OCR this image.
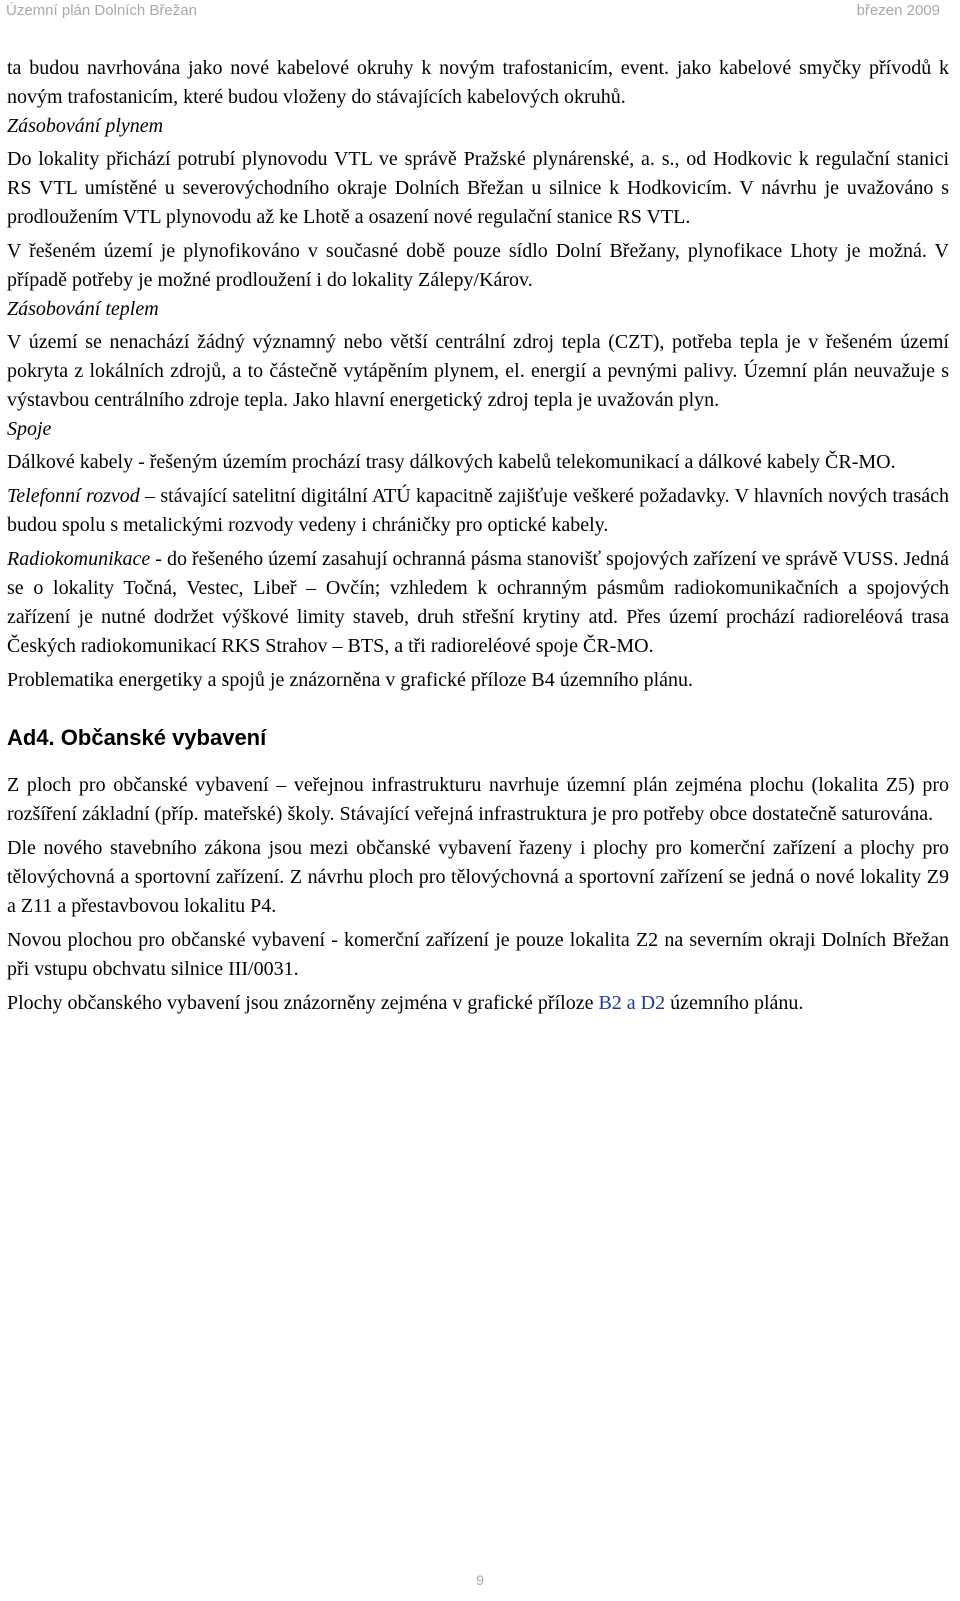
Územní plán Dolních Břežan	březen 2009

ta budou navrhována jako nové kabelové okruhy k novým trafostanicím, event. jako kabelové smyčky přívodů k novým trafostanicím, které budou vloženy do stávajících kabelových okruhů.

Zásobování plynem

Do lokality přichází potrubí plynovodu VTL ve správě Pražské plynárenské, a. s., od Hodkovic k regulační stanici RS VTL umístěné u severovýchodního okraje Dolních Břežan u silnice k Hodkovicím. V návrhu je uvažováno s prodloužením VTL plynovodu až ke Lhotě a osazení nové regulační stanice RS VTL.

V řešeném území je plynofikováno v současné době pouze sídlo Dolní Břežany, plynofikace Lhoty je možná. V případě potřeby je možné prodloužení i do lokality Zálepy/Károv.

Zásobování teplem

V území se nenachází žádný významný nebo větší centrální zdroj tepla (CZT), potřeba tepla je v řešeném území pokryta z lokálních zdrojů, a to částečně vytápěním plynem, el. energií a pevnými palivy. Územní plán neuvažuje s výstavbou centrálního zdroje tepla. Jako hlavní energetický zdroj tepla je uvažován plyn.

Spoje

Dálkové kabely - řešeným územím prochází trasy dálkových kabelů telekomunikací a dálkové kabely ČR-MO.

Telefonní rozvod – stávající satelitní digitální ATÚ kapacitně zajišťuje veškeré požadavky. V hlavních nových trasách budou spolu s metalickými rozvody vedeny i chráničky pro optické kabely.

Radiokomunikace - do řešeného území zasahují ochranná pásma stanovišť spojových zařízení ve správě VUSS. Jedná se o lokality Točná, Vestec, Libeř – Ovčín; vzhledem k ochranným pásmům radiokomunikačních a spojových zařízení je nutné dodržet výškové limity staveb, druh střešní krytiny atd. Přes území prochází radioreléová trasa Českých radiokomunikací RKS Strahov – BTS, a tři radioreléové spoje ČR-MO.

Problematika energetiky a spojů je znázorněna v grafické příloze B4 územního plánu.

Ad4. Občanské vybavení

Z ploch pro občanské vybavení – veřejnou infrastrukturu navrhuje územní plán zejména plochu (lokalita Z5) pro rozšíření základní (příp. mateřské) školy. Stávající veřejná infrastruktura je pro potřeby obce dostatečně saturována.

Dle nového stavebního zákona jsou mezi občanské vybavení řazeny i plochy pro komerční zařízení a plochy pro tělovýchovná a sportovní zařízení. Z návrhu ploch pro tělovýchovná a sportovní zařízení se jedná o nové lokality Z9 a Z11 a přestavbovou lokalitu P4.

Novou plochou pro občanské vybavení - komerční zařízení je pouze lokalita Z2 na severním okraji Dolních Břežan při vstupu obchvatu silnice III/0031.

Plochy občanského vybavení jsou znázorněny zejména v grafické příloze B2 a D2 územního plánu.

9
